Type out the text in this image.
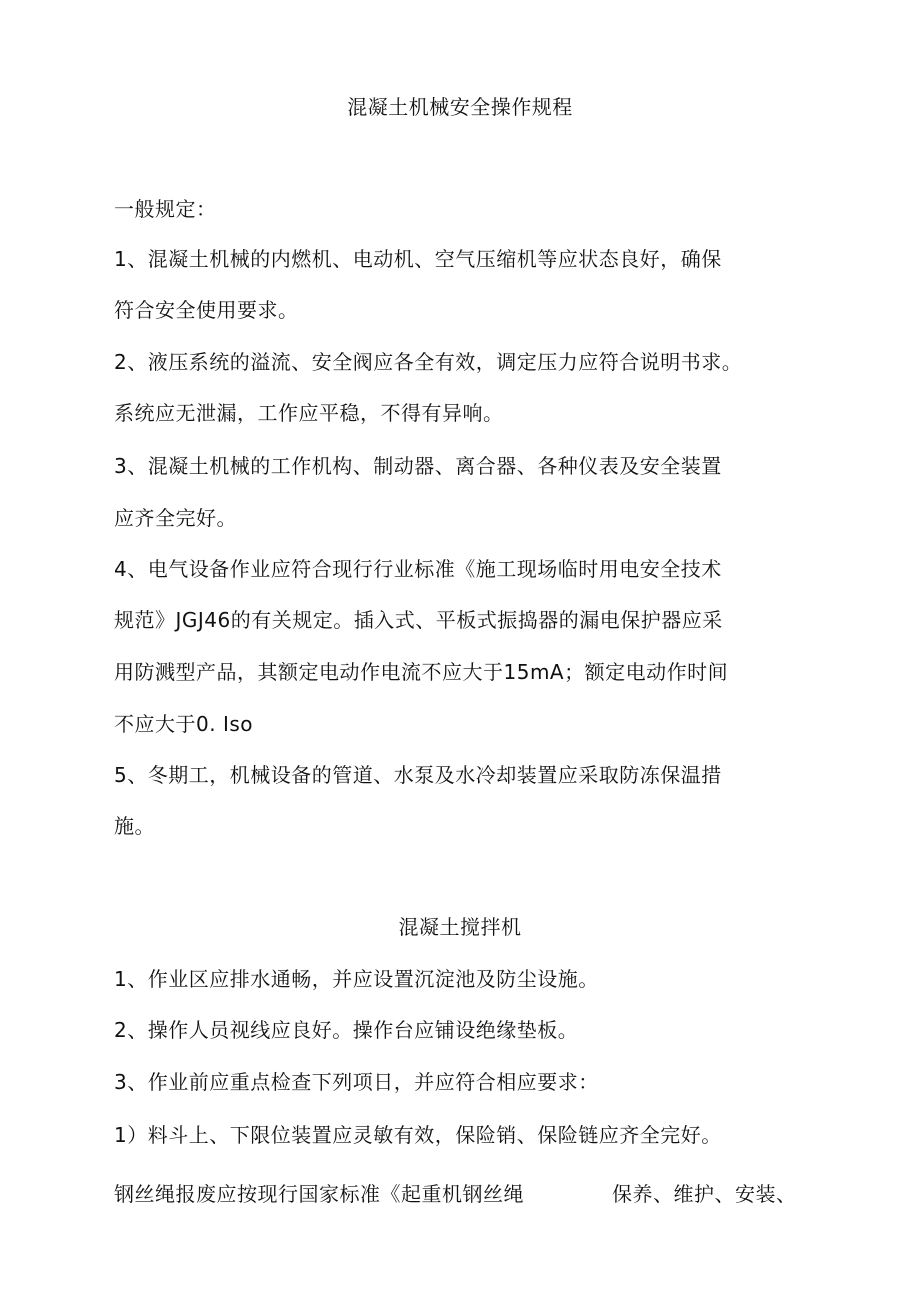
混凝土机械安全操作规程
一般规定：
1、混凝土机械的内燃机、电动机、空气压缩机等应状态良好，确保
符合安全使用要求。
2、液压系统的溢流、安全阀应各全有效，调定压力应符合说明书求。
系统应无泄漏，工作应平稳，不得有异响。
3、混凝土机械的工作机构、制动器、离合器、各种仪表及安全装置
应齐全完好。
4、电气设备作业应符合现行行业标准《施工现场临时用电安全技术
规范》JGJ46的有关规定。插入式、平板式振捣器的漏电保护器应采
用防溅型产品，其额定电动作电流不应大于15mA；额定电动作时间
不应大于0. Iso
5、冬期工，机械设备的管道、水泵及水冷却装置应采取防冻保温措
施。
混凝土搅拌机
1、作业区应排水通畅，并应设置沉淀池及防尘设施。
2、操作人员视线应良好。操作台应铺设绝缘垫板。
3、作业前应重点检查下列项日，并应符合相应要求：
1）料斗上、下限位装置应灵敏有效，保险销、保险链应齐全完好。
钢丝绳报废应按现行国家标准《起重机钢丝绳	保养、维护、安装、
